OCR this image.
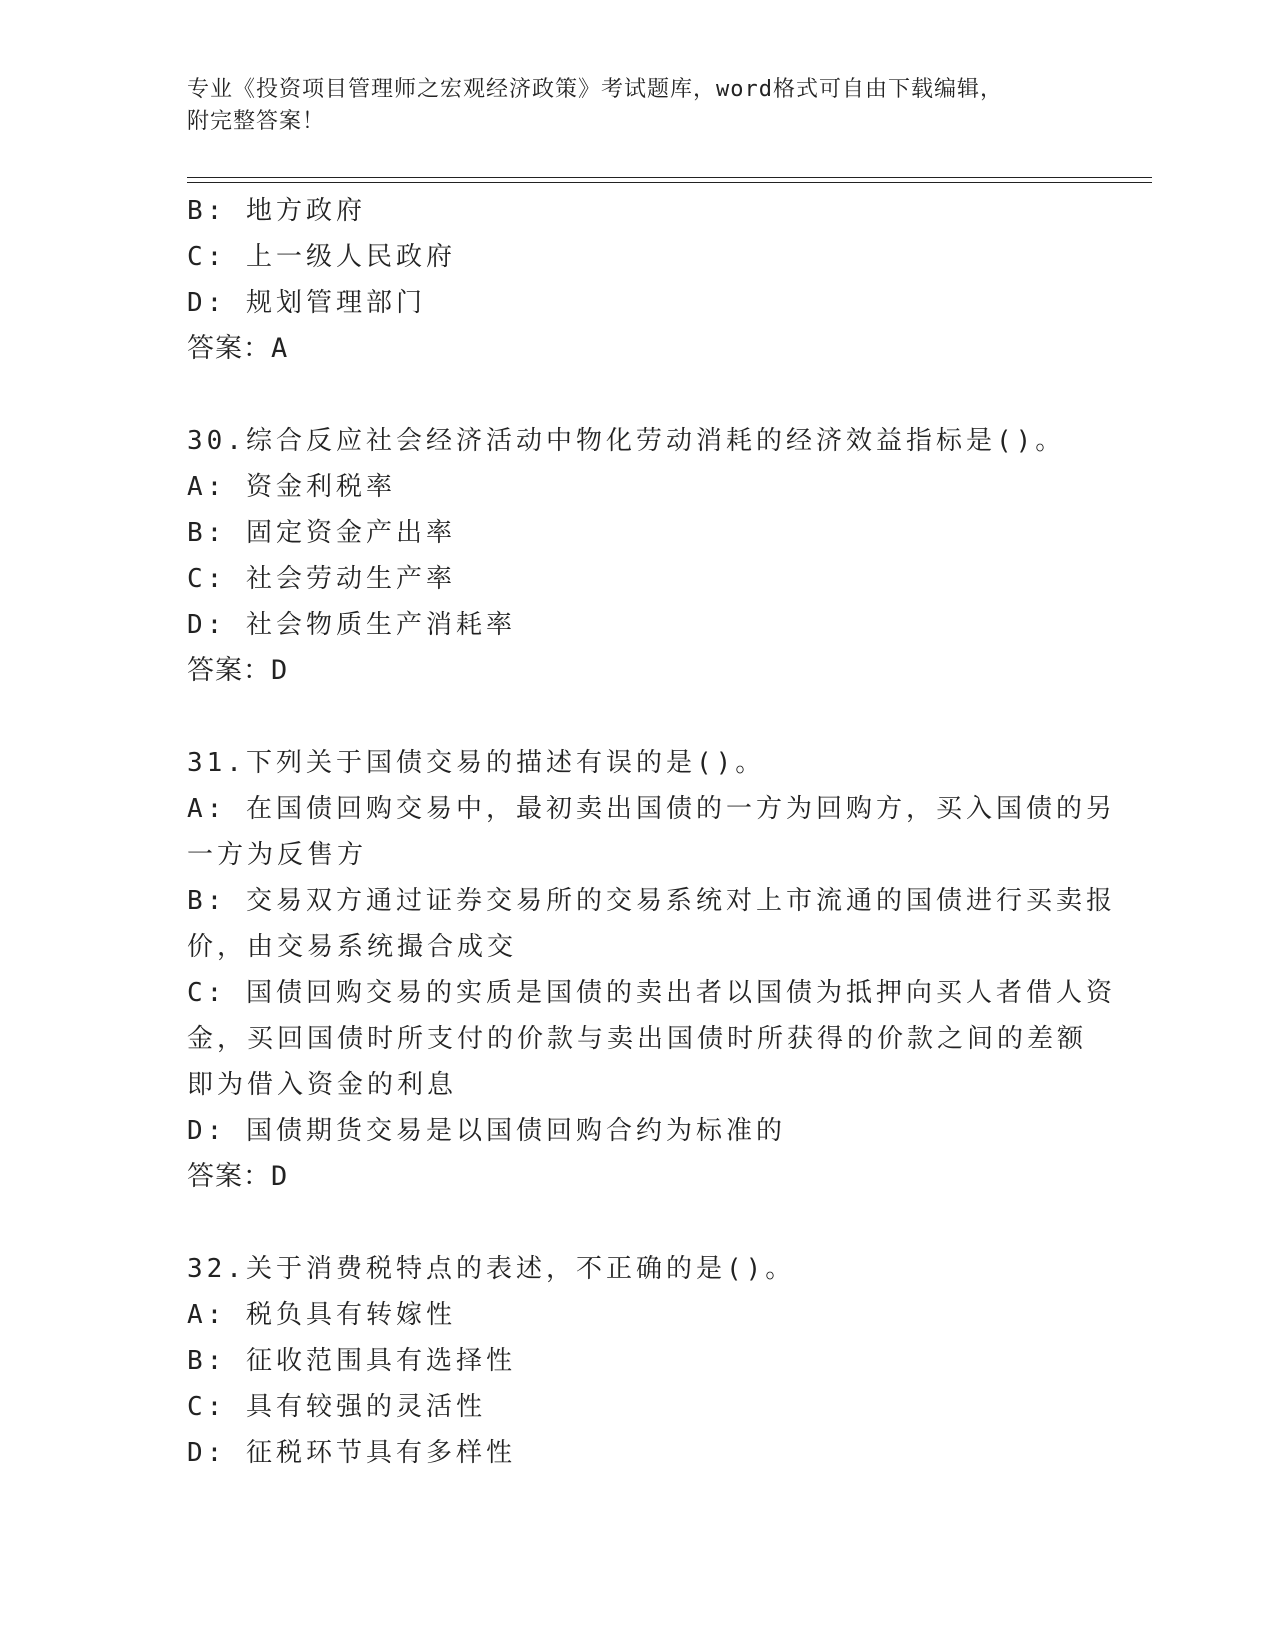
专业《投资项目管理师之宏观经济政策》考试题库，word格式可自由下载编辑，
附完整答案！
B: 地方政府
C: 上一级人民政府
D: 规划管理部门
答案：A
30.综合反应社会经济活动中物化劳动消耗的经济效益指标是()。
A: 资金利税率
B: 固定资金产出率
C: 社会劳动生产率
D: 社会物质生产消耗率
答案：D
31.下列关于国债交易的描述有误的是()。
A: 在国债回购交易中，最初卖出国债的一方为回购方，买入国债的另
一方为反售方
B: 交易双方通过证券交易所的交易系统对上市流通的国债进行买卖报
价，由交易系统撮合成交
C: 国债回购交易的实质是国债的卖出者以国债为抵押向买人者借人资
金，买回国债时所支付的价款与卖出国债时所获得的价款之间的差额
即为借入资金的利息
D: 国债期货交易是以国债回购合约为标准的
答案：D
32.关于消费税特点的表述，不正确的是()。
A: 税负具有转嫁性
B: 征收范围具有选择性
C: 具有较强的灵活性
D: 征税环节具有多样性
